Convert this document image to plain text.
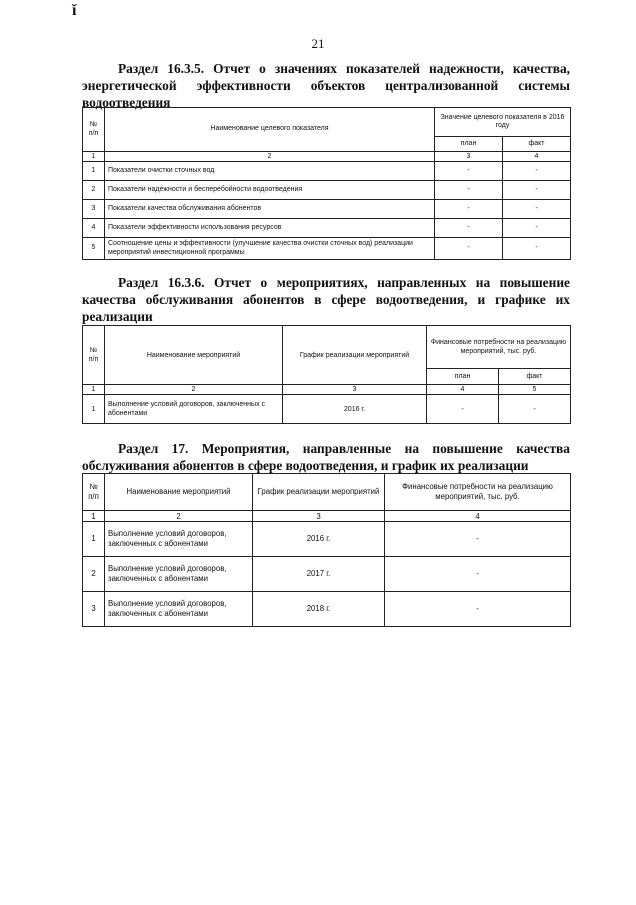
ǐ
21
Раздел 16.3.5. Отчет о значениях показателей надежности, качества, энергетической эффективности объектов централизованной системы водоотведения
№ п/п	Наименование целевого показателя	Значение целевого показателя в 2016 году	
		план	факт
1	2	3	4
1	Показатели очистки сточных вод	-	-
2	Показатели надежности и бесперебойности водоотведения	-	-
3	Показатели качества обслуживания абонентов	-	-
4	Показатели эффективности использования ресурсов	-	-
5	Соотношение цены и эффективности (улучшение качества очистки сточных вод) реализации мероприятий инвестиционной программы	-	-
Раздел 16.3.6. Отчет о мероприятиях, направленных на повышение качества обслуживания абонентов в сфере водоотведения, и графике их реализации
№ п/п	Наименование мероприятий	График реализации мероприятий	Финансовые потребности на реализацию мероприятий, тыс. руб.	
			план	факт
1	2	3	4	5
1	Выполнение условий договоров, заключенных с абонентами	2016 г.	-	-
Раздел 17. Мероприятия, направленные на повышение качества обслуживания абонентов в сфере водоотведения, и график их реализации
№ п/п	Наименование мероприятий	График реализации мероприятий	Финансовые потребности на реализацию мероприятий, тыс. руб.
1	2	3	4
1	Выполнение условий договоров, заключенных с абонентами	2016 г.	-
2	Выполнение условий договоров, заключенных с абонентами	2017 г.	-
3	Выполнение условий договоров, заключенных с абонентами	2018 г.	-
